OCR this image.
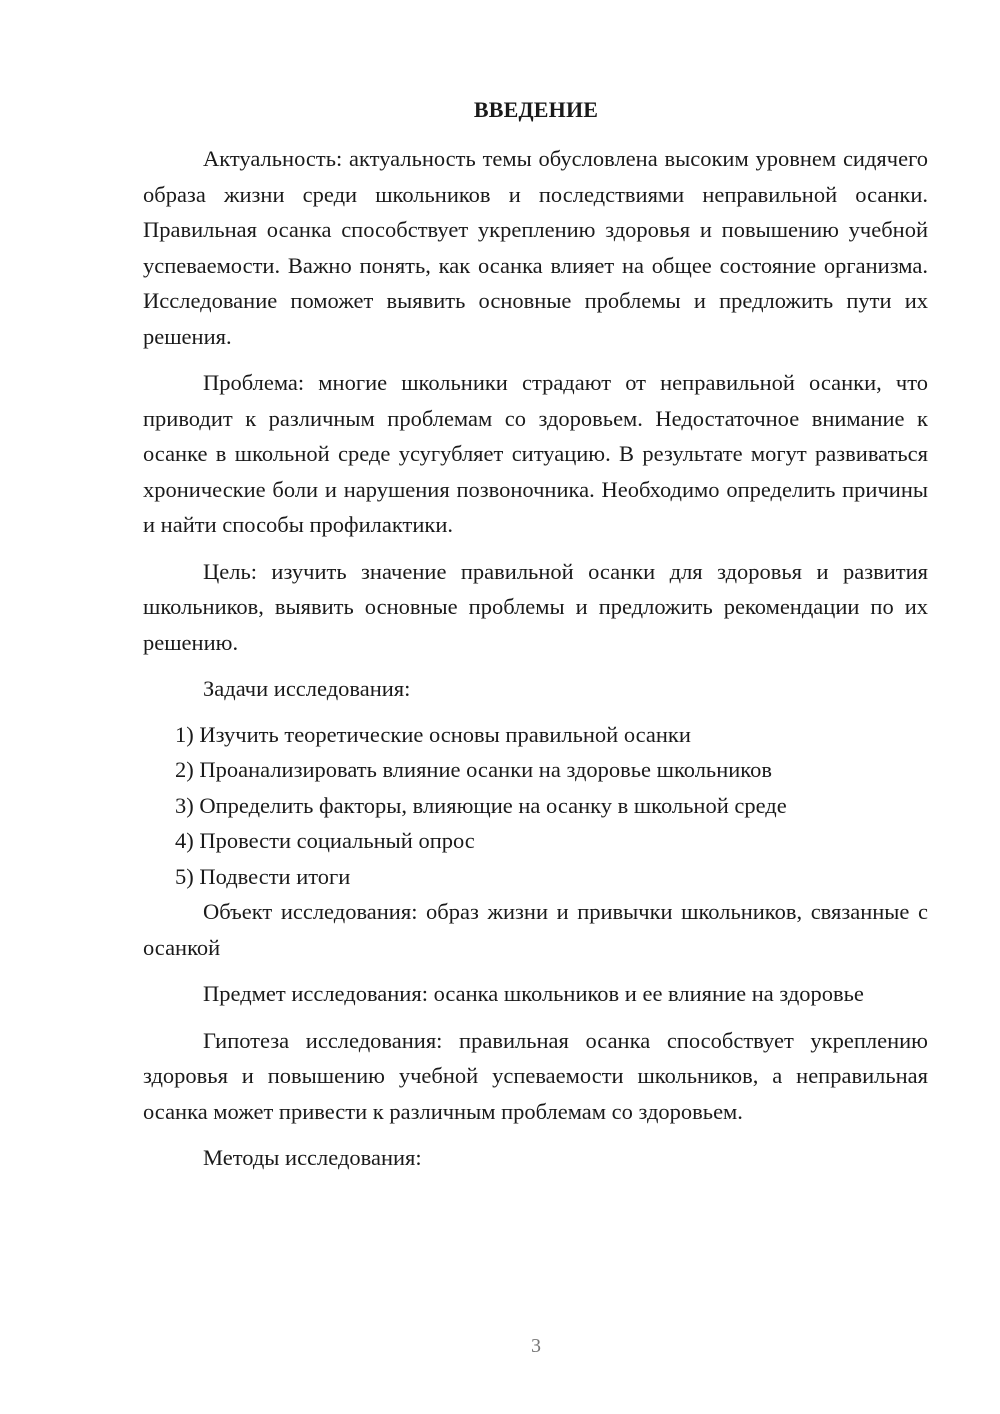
ВВЕДЕНИЕ

Актуальность: актуальность темы обусловлена высоким уровнем сидячего образа жизни среди школьников и последствиями неправильной осанки. Правильная осанка способствует укреплению здоровья и повышению учебной успеваемости. Важно понять, как осанка влияет на общее состояние организма. Исследование поможет выявить основные проблемы и предложить пути их решения.

Проблема: многие школьники страдают от неправильной осанки, что приводит к различным проблемам со здоровьем. Недостаточное внимание к осанке в школьной среде усугубляет ситуацию. В результате могут развиваться хронические боли и нарушения позвоночника. Необходимо определить причины и найти способы профилактики.

Цель: изучить значение правильной осанки для здоровья и развития школьников, выявить основные проблемы и предложить рекомендации по их решению.

Задачи исследования:

1) Изучить теоретические основы правильной осанки

2) Проанализировать влияние осанки на здоровье школьников

3) Определить факторы, влияющие на осанку в школьной среде

4) Провести социальный опрос

5) Подвести итоги

Объект исследования: образ жизни и привычки школьников, связанные с осанкой

Предмет исследования: осанка школьников и ее влияние на здоровье

Гипотеза исследования: правильная осанка способствует укреплению здоровья и повышению учебной успеваемости школьников, а неправильная осанка может привести к различным проблемам со здоровьем.

Методы исследования:

3
